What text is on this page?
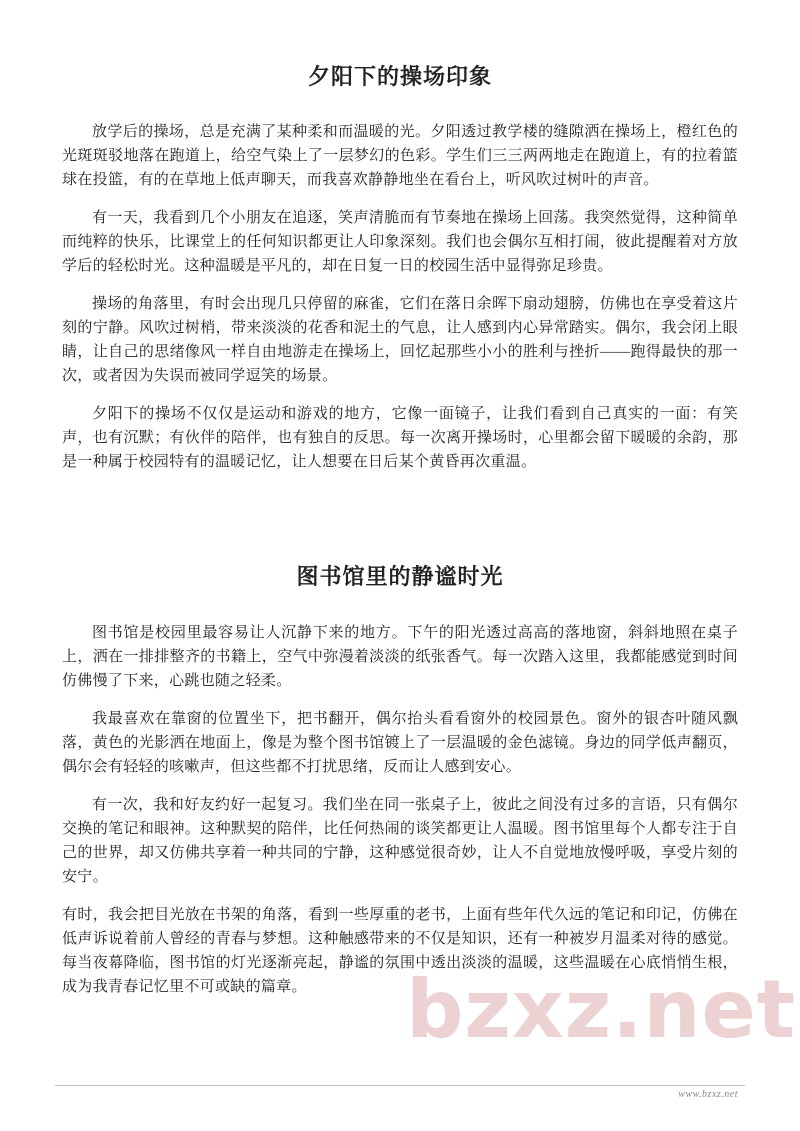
夕阳下的操场印象

放学后的操场，总是充满了某种柔和而温暖的光。夕阳透过教学楼的缝隙洒在操场上，橙红色的光斑斑驳地落在跑道上，给空气染上了一层梦幻的色彩。学生们三三两两地走在跑道上，有的拉着篮球在投篮，有的在草地上低声聊天，而我喜欢静静地坐在看台上，听风吹过树叶的声音。

有一天，我看到几个小朋友在追逐，笑声清脆而有节奏地在操场上回荡。我突然觉得，这种简单而纯粹的快乐，比课堂上的任何知识都更让人印象深刻。我们也会偶尔互相打闹，彼此提醒着对方放学后的轻松时光。这种温暖是平凡的，却在日复一日的校园生活中显得弥足珍贵。

操场的角落里，有时会出现几只停留的麻雀，它们在落日余晖下扇动翅膀，仿佛也在享受着这片刻的宁静。风吹过树梢，带来淡淡的花香和泥土的气息，让人感到内心异常踏实。偶尔，我会闭上眼睛，让自己的思绪像风一样自由地游走在操场上，回忆起那些小小的胜利与挫折——跑得最快的那一次，或者因为失误而被同学逗笑的场景。

夕阳下的操场不仅仅是运动和游戏的地方，它像一面镜子，让我们看到自己真实的一面：有笑声，也有沉默；有伙伴的陪伴，也有独自的反思。每一次离开操场时，心里都会留下暖暖的余韵，那是一种属于校园特有的温暖记忆，让人想要在日后某个黄昏再次重温。

图书馆里的静谧时光

图书馆是校园里最容易让人沉静下来的地方。下午的阳光透过高高的落地窗，斜斜地照在桌子上，洒在一排排整齐的书籍上，空气中弥漫着淡淡的纸张香气。每一次踏入这里，我都能感觉到时间仿佛慢了下来，心跳也随之轻柔。

我最喜欢在靠窗的位置坐下，把书翻开，偶尔抬头看看窗外的校园景色。窗外的银杏叶随风飘落，黄色的光影洒在地面上，像是为整个图书馆镀上了一层温暖的金色滤镜。身边的同学低声翻页，偶尔会有轻轻的咳嗽声，但这些都不打扰思绪，反而让人感到安心。

有一次，我和好友约好一起复习。我们坐在同一张桌子上，彼此之间没有过多的言语，只有偶尔交换的笔记和眼神。这种默契的陪伴，比任何热闹的谈笑都更让人温暖。图书馆里每个人都专注于自己的世界，却又仿佛共享着一种共同的宁静，这种感觉很奇妙，让人不自觉地放慢呼吸，享受片刻的安宁。

有时，我会把目光放在书架的角落，看到一些厚重的老书，上面有些年代久远的笔记和印记，仿佛在低声诉说着前人曾经的青春与梦想。这种触感带来的不仅是知识，还有一种被岁月温柔对待的感觉。每当夜幕降临，图书馆的灯光逐渐亮起，静谧的氛围中透出淡淡的温暖，这些温暖在心底悄悄生根，成为我青春记忆里不可或缺的篇章。	bzxz.net
www.bzxz.net
